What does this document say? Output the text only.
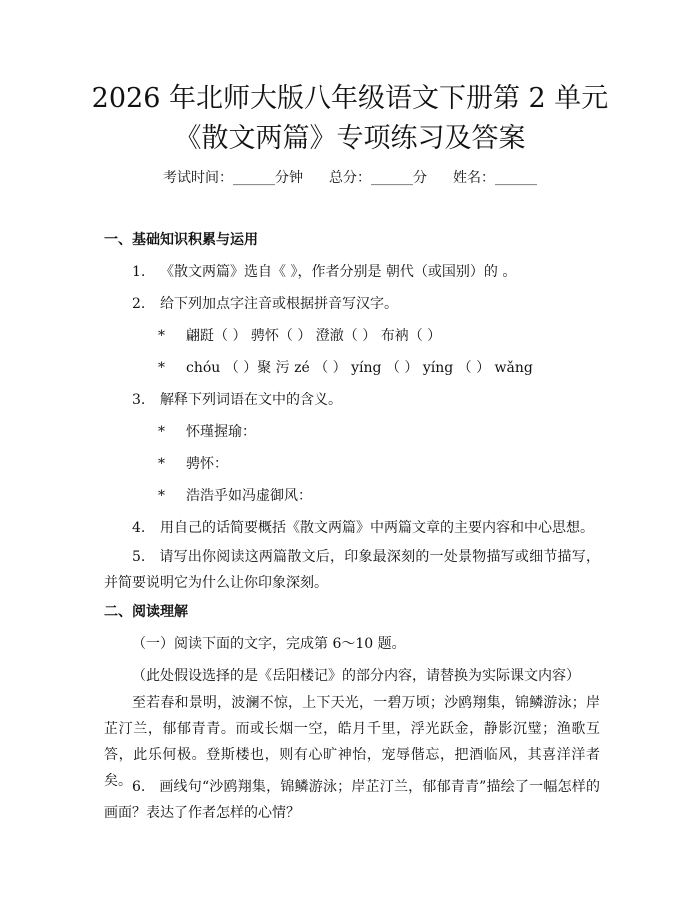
2026 年北师大版八年级语文下册第 2 单元
《散文两篇》专项练习及答案
考试时间：______分钟 总分：______分 姓名：______
一、基础知识积累与运用
1. 《散文两篇》选自《 》，作者分别是 朝代（或国别）的 。
2. 给下列加点字注音或根据拼音写汉字。
* 翩跹（ ） 骋怀（ ） 澄澈（ ） 布衲（ ）
* chóu （ ）聚 污 zé （ ） yíng （ ） yíng （ ） wǎng
3. 解释下列词语在文中的含义。
* 怀瑾握瑜：
* 骋怀：
* 浩浩乎如冯虚御风：
4. 用自己的话简要概括《散文两篇》中两篇文章的主要内容和中心思想。
5. 请写出你阅读这两篇散文后，印象最深刻的一处景物描写或细节描写，并简要说明它为什么让你印象深刻。
二、阅读理解
（一）阅读下面的文字，完成第 6～10 题。
（此处假设选择的是《岳阳楼记》的部分内容，请替换为实际课文内容）
至若春和景明，波澜不惊，上下天光，一碧万顷；沙鸥翔集，锦鳞游泳；岸芷汀兰，郁郁青青。而或长烟一空，皓月千里，浮光跃金，静影沉璧；渔歌互答，此乐何极。登斯楼也，则有心旷神怡，宠辱偕忘，把酒临风，其喜洋洋者矣。 6. 画线句“沙鸥翔集，锦鳞游泳；岸芷汀兰，郁郁青青”描绘了一幅怎样的画面？表达了作者怎样的心情？
